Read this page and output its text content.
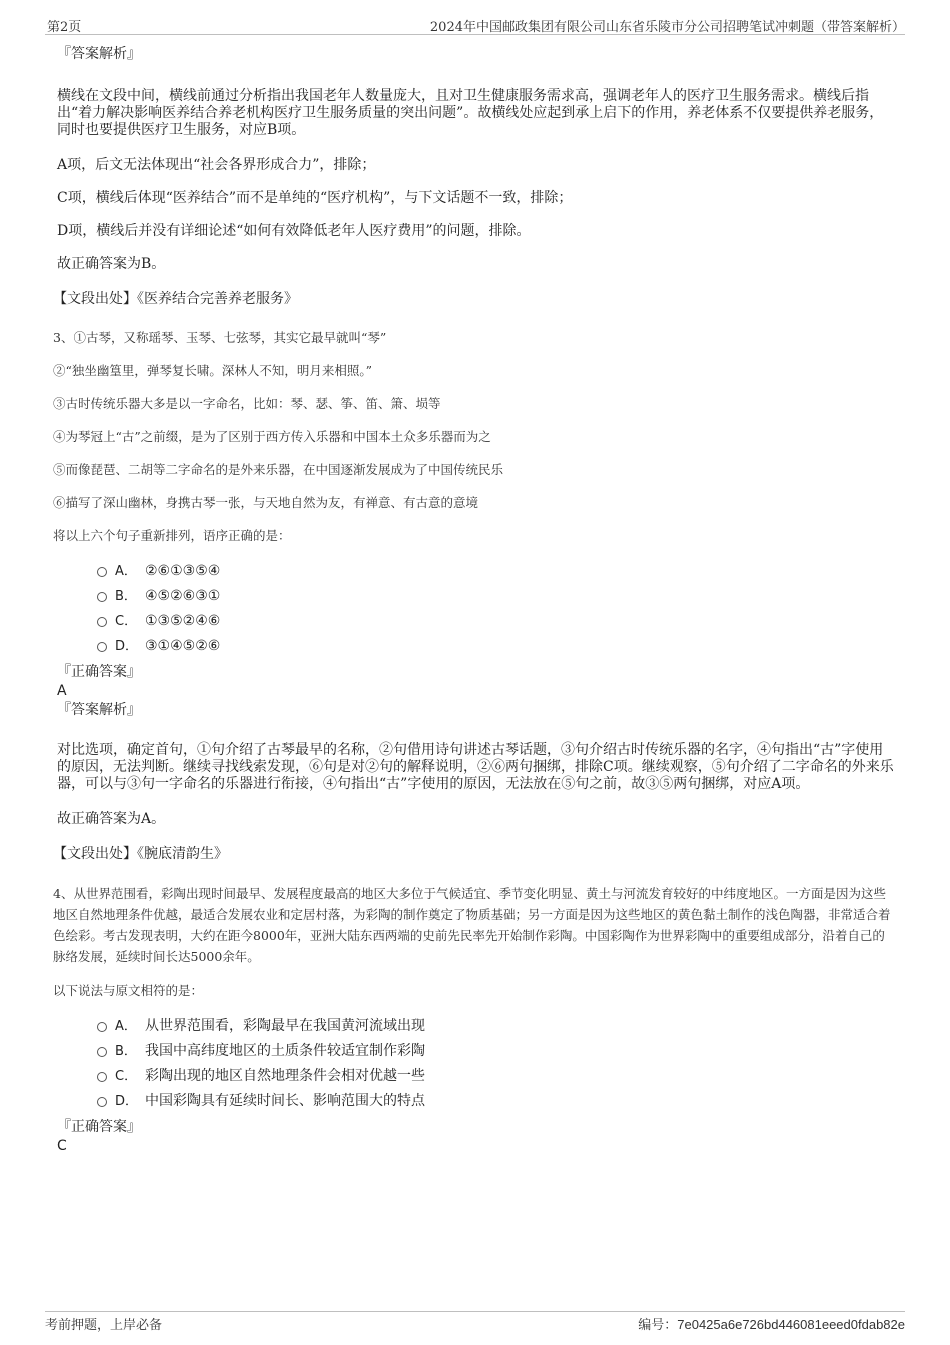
第2页	2024年中国邮政集团有限公司山东省乐陵市分公司招聘笔试冲刺题（带答案解析）
『答案解析』

横线在文段中间，横线前通过分析指出我国老年人数量庞大，且对卫生健康服务需求高，强调老年人的医疗卫生服务需求。横线后指出“着力解决影响医养结合养老机构医疗卫生服务质量的突出问题”。故横线处应起到承上启下的作用，养老体系不仅要提供养老服务，同时也要提供医疗卫生服务，对应B项。

A项，后文无法体现出“社会各界形成合力”，排除；

C项，横线后体现“医养结合”而不是单纯的“医疗机构”，与下文话题不一致，排除；

D项，横线后并没有详细论述“如何有效降低老年人医疗费用”的问题，排除。

故正确答案为B。

【文段出处】《医养结合完善养老服务》
3、①古琴，又称瑶琴、玉琴、七弦琴，其实它最早就叫“琴”
②“独坐幽篁里，弹琴复长啸。深林人不知，明月来相照。”
③古时传统乐器大多是以一字命名，比如：琴、瑟、筝、笛、箫、埙等
④为琴冠上“古”之前缀，是为了区别于西方传入乐器和中国本土众多乐器而为之
⑤而像琵琶、二胡等二字命名的是外来乐器，在中国逐渐发展成为了中国传统民乐
⑥描写了深山幽林，身携古琴一张，与天地自然为友，有禅意、有古意的意境
将以上六个句子重新排列，语序正确的是：
A． ②⑥①③⑤④
B． ④⑤②⑥③①
C． ①③⑤②④⑥
D． ③①④⑤②⑥
『正确答案』
A
『答案解析』

对比选项，确定首句，①句介绍了古琴最早的名称，②句借用诗句讲述古琴话题，③句介绍古时传统乐器的名字，④句指出“古”字使用的原因，无法判断。继续寻找线索发现，⑥句是对②句的解释说明，②⑥两句捆绑，排除C项。继续观察，⑤句介绍了二字命名的外来乐器，可以与③句一字命名的乐器进行衔接，④句指出“古”字使用的原因，无法放在⑤句之前，故③⑤两句捆绑，对应A项。

故正确答案为A。

【文段出处】《腕底清韵生》
4、从世界范围看，彩陶出现时间最早、发展程度最高的地区大多位于气候适宜、季节变化明显、黄土与河流发育较好的中纬度地区。一方面是因为这些地区自然地理条件优越，最适合发展农业和定居村落，为彩陶的制作奠定了物质基础；另一方面是因为这些地区的黄色黏土制作的浅色陶器，非常适合着色绘彩。考古发现表明，大约在距今8000年，亚洲大陆东西两端的史前先民率先开始制作彩陶。中国彩陶作为世界彩陶中的重要组成部分，沿着自己的脉络发展，延续时间长达5000余年。
以下说法与原文相符的是：
A． 从世界范围看，彩陶最早在我国黄河流域出现
B． 我国中高纬度地区的土质条件较适宜制作彩陶
C． 彩陶出现的地区自然地理条件会相对优越一些
D． 中国彩陶具有延续时间长、影响范围大的特点
『正确答案』
C
考前押题，上岸必备	编号：7e0425a6e726bd446081eeed0fdab82e
